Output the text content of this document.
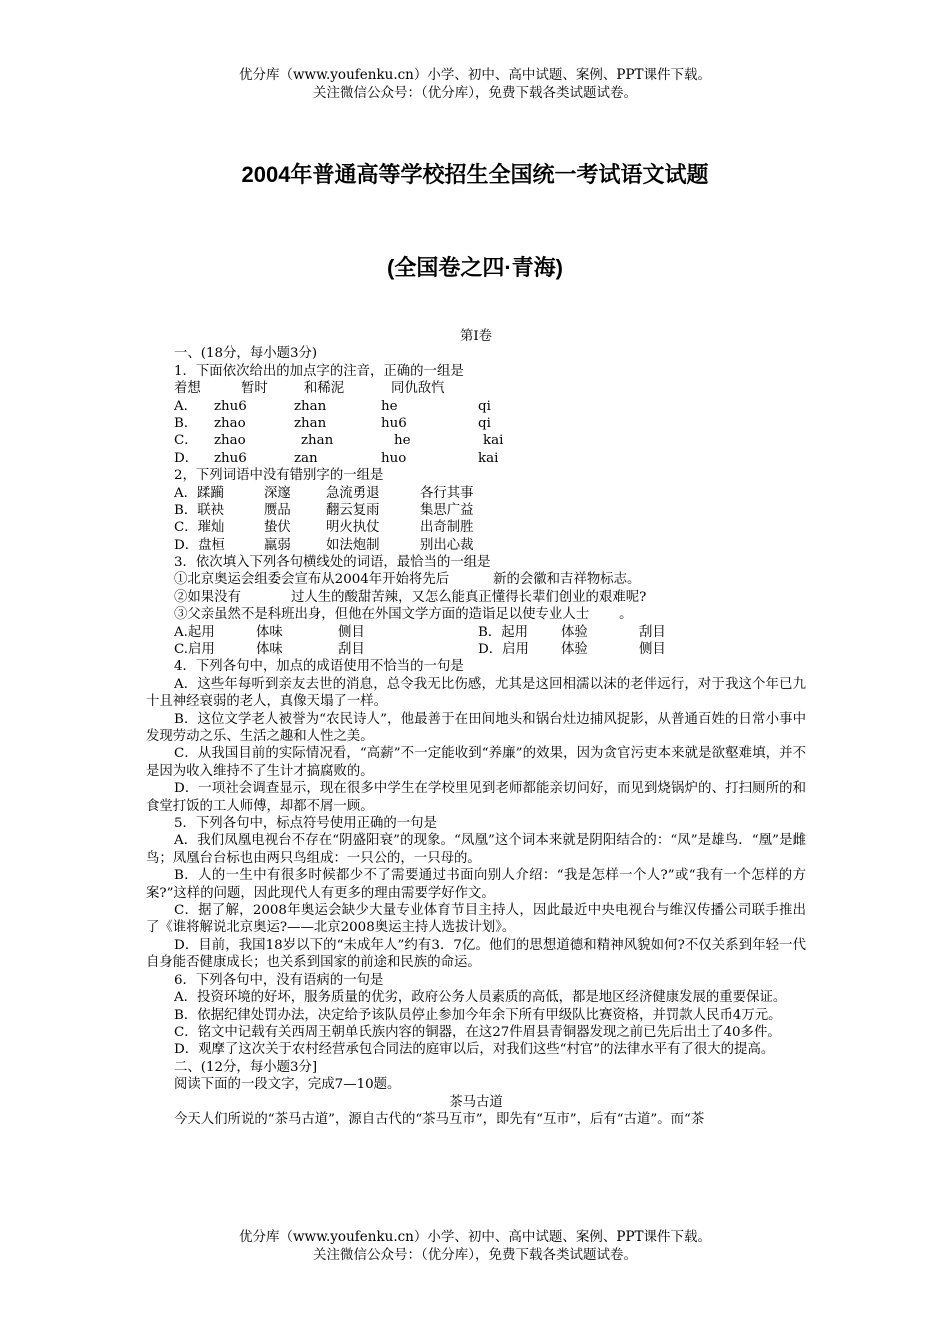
优分库（www.youfenku.cn）小学、初中、高中试题、案例、PPT课件下载。
关注微信公众号：（优分库），免费下载各类试题试卷。
2004年普通高等学校招生全国统一考试语文试题
(全国卷之四·青海)
第Ⅰ卷
一、(18分，每小题3分)
1．下面依次给出的加点字的注音，正确的一组是
着想	暂时	和稀泥	同仇敌忾
A．	zhu6	zhan	he	qi
B．	zhao	zhan	hu6	qi
C．	zhao	zhan	he	kai
D．	zhu6	zan	huo	kai
2，下列词语中没有错别字的一组是
A．蹂躏	深邃	急流勇退	各行其事
B．联袂	赝品	翻云复雨	集思广益
C．璀灿	蛰伏	明火执仗	出奇制胜
D．盘桓	羸弱	如法炮制	别出心裁
3．依次填入下列各句横线处的词语，最恰当的一组是
①北京奥运会组委会宣布从2004年开始将先后	新的会徽和吉祥物标志。
②如果没有	过人生的酸甜苦辣，又怎么能真正懂得长辈们创业的艰难呢?
③父亲虽然不是科班出身，但他在外国文学方面的造诣足以使专业人士 。
A.起用	体味	侧目	B．起用	体验	刮目
C.启用	体味	刮目	D．启用	体验	侧目
4．下列各句中，加点的成语使用不恰当的一句是
A．这些年每听到亲友去世的消息，总令我无比伤感，尤其是这回相濡以沫的老伴远行，对于我这个年已九十且神经衰弱的老人，真像天塌了一样。
B．这位文学老人被誉为“农民诗人”，他最善于在田间地头和锅台灶边捕风捉影，从普通百姓的日常小事中发现劳动之乐、生活之趣和人性之美。
C．从我国目前的实际情况看，“高薪”不一定能收到“养廉”的效果，因为贪官污吏本来就是欲壑难填，并不是因为收入维持不了生计才搞腐败的。
D．一项社会调查显示，现在很多中学生在学校里见到老师都能亲切问好，而见到烧锅炉的、打扫厕所的和食堂打饭的工人师傅，却都不屑一顾。
5．下列各句中，标点符号使用正确的一句是
A．我们凤凰电视台不存在“阴盛阳衰”的现象。“凤凰”这个词本来就是阴阳结合的：“凤”是雄鸟．“凰”是雌鸟；凤凰台台标也由两只鸟组成：一只公的，一只母的。
B．人的一生中有很多时候都少不了需要通过书面向别人介绍：“我是怎样一个人?”或“我有一个怎样的方案?”这样的问题，因此现代人有更多的理由需要学好作文。
C．据了解，2008年奥运会缺少大量专业体育节目主持人，因此最近中央电视台与维汉传播公司联手推出了《谁将解说北京奥运?——北京2008奥运主持人选拔计划》。
D．目前，我国18岁以下的“未成年人”约有3．7亿。他们的思想道德和精神风貌如何?不仅关系到年轻一代自身能否健康成长；也关系到国家的前途和民族的命运。
6．下列各句中，没有语病的一句是
A．投资环境的好坏，服务质量的优劣，政府公务人员素质的高低，都是地区经济健康发展的重要保证。
B．依据纪律处罚办法，决定给予该队员停止参加今年余下所有甲级队比赛资格，并罚款人民币4万元。
C．铭文中记载有关西周王朝单氏族内容的铜器，在这27件眉县青铜器发现之前已先后出土了40多件。
D．观摩了这次关于农村经营承包合同法的庭审以后，对我们这些“村官”的法律水平有了很大的提高。
二、(12分，每小题3分]
阅读下面的一段文字，完成7—10题。
茶马古道
今天人们所说的“茶马古道”，源自古代的“茶马互市”，即先有“互市”，后有“古道”。而“茶
优分库（www.youfenku.cn）小学、初中、高中试题、案例、PPT课件下载。
关注微信公众号：（优分库），免费下载各类试题试卷。
